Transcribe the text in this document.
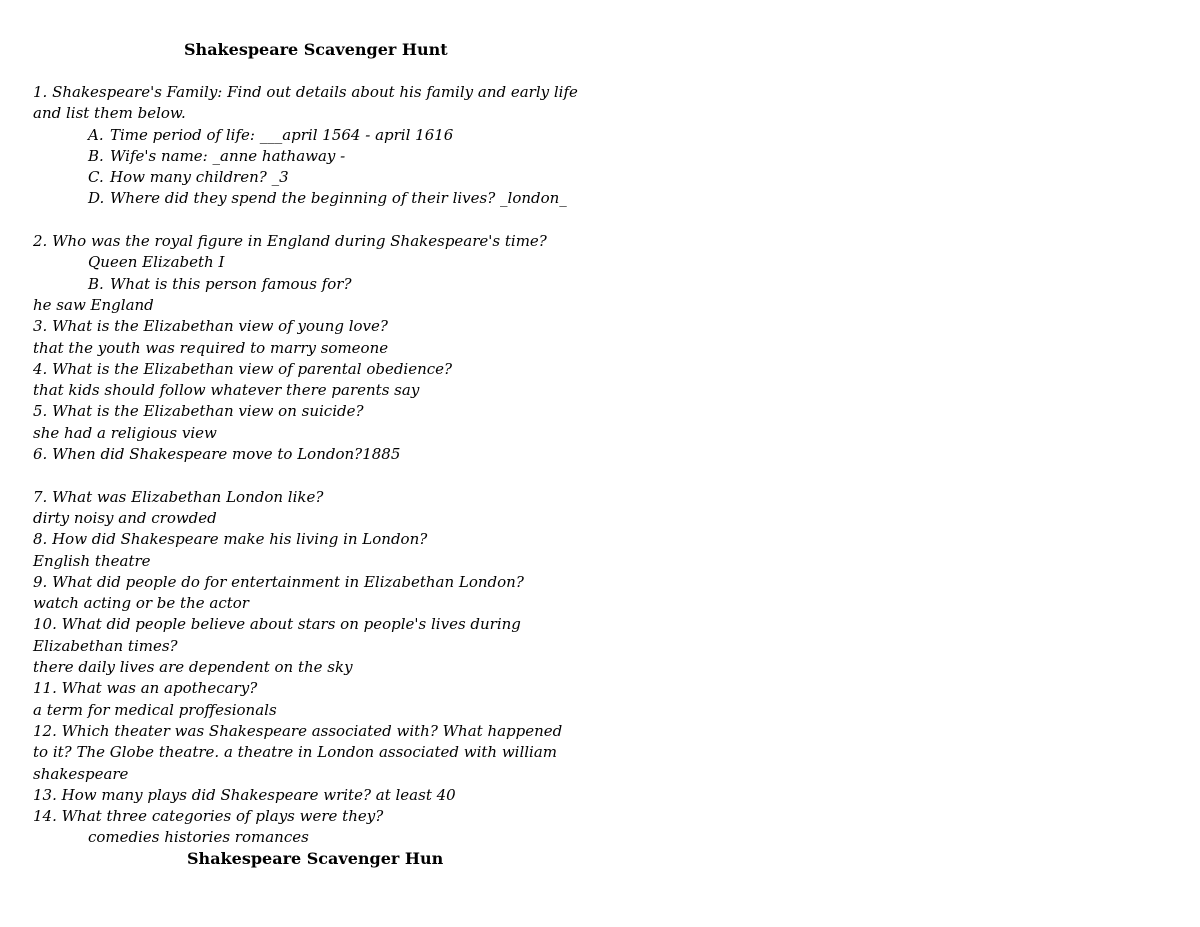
Shakespeare Scavenger Hunt
1. Shakespeare's Family: Find out details about his family and early life
and list them below.
A. Time period of life: ___april 1564 - april 1616
B. Wife's name: _anne hathaway -
C. How many children? _3
D. Where did they spend the beginning of their lives? _london_
2. Who was the royal figure in England during Shakespeare's time?
Queen Elizabeth I
B. What is this person famous for?
he saw England
3. What is the Elizabethan view of young love?
that the youth was required to marry someone
4. What is the Elizabethan view of parental obedience?
that kids should follow whatever there parents say
5. What is the Elizabethan view on suicide?
she had a religious view
6. When did Shakespeare move to London?1885
7. What was Elizabethan London like?
dirty noisy and crowded
8. How did Shakespeare make his living in London?
English theatre
9. What did people do for entertainment in Elizabethan London?
watch acting or be the actor
10. What did people believe about stars on people's lives during
Elizabethan times?
there daily lives are dependent on the sky
11. What was an apothecary?
a term for medical proffesionals
12. Which theater was Shakespeare associated with? What happened
to it? The Globe theatre. a theatre in London associated with william
shakespeare
13. How many plays did Shakespeare write? at least 40
14. What three categories of plays were they?
comedies histories romances
Shakespeare Scavenger Hun
